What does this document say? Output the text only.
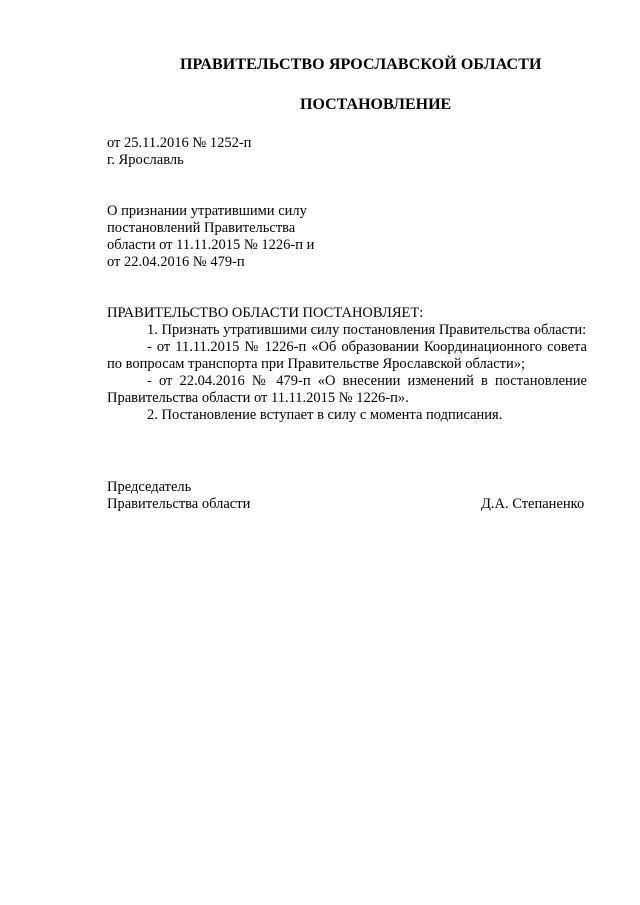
ПРАВИТЕЛЬСТВО ЯРОСЛАВСКОЙ ОБЛАСТИ
ПОСТАНОВЛЕНИЕ
от 25.11.2016 № 1252-п
г. Ярославль
О признании утратившими силу
постановлений Правительства
области от 11.11.2015 № 1226-п и
от 22.04.2016 № 479-п
ПРАВИТЕЛЬСТВО ОБЛАСТИ ПОСТАНОВЛЯЕТ:
1. Признать утратившими силу постановления Правительства области:
- от 11.11.2015 № 1226-п «Об образовании Координационного совета
по вопросам транспорта при Правительстве Ярославской области»;
- от 22.04.2016 № 479-п «О внесении изменений в постановление
Правительства области от 11.11.2015 № 1226-п».
2. Постановление вступает в силу с момента подписания.
Председатель
Правительства области	Д.А. Степаненко
